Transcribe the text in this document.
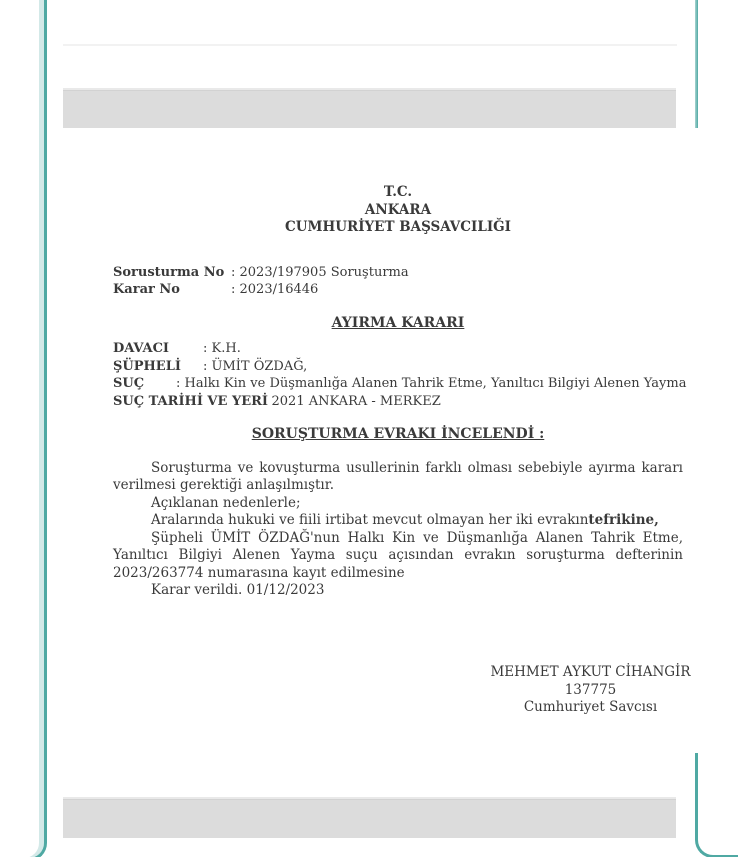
T.C.
ANKARA
CUMHURİYET BAŞSAVCILIĞI
Sorusturma No : 2023/197905 Soruşturma
Karar No	: 2023/16446
AYIRMA KARARI
DAVACI	: K.H.
ŞÜPHELİ : ÜMİT ÖZDAĞ,
SUÇ : Halkı Kin ve Düşmanlığa Alanen Tahrik Etme, Yanıltıcı Bilgiyi Alenen Yayma
SUÇ TARİHİ VE YERİ: 2021 ANKARA - MERKEZ
SORUŞTURMA EVRAKI İNCELENDİ :

Soruşturma ve kovuşturma usullerinin farklı olması sebebiyle ayırma kararı verilmesi gerektiği anlaşılmıştır.

Açıklanan nedenlerle;

Aralarında hukuki ve fiili irtibat mevcut olmayan her iki evrakıntefrikine,

Şüpheli ÜMİT ÖZDAĞ'nun Halkı Kin ve Düşmanlığa Alanen Tahrik Etme, Yanıltıcı Bilgiyi Alenen Yayma suçu açısından evrakın soruşturma defterinin 2023/263774 numarasına kayıt edilmesine

Karar verildi. 01/12/2023

MEHMET AYKUT CİHANGİR
137775
Cumhuriyet Savcısı
